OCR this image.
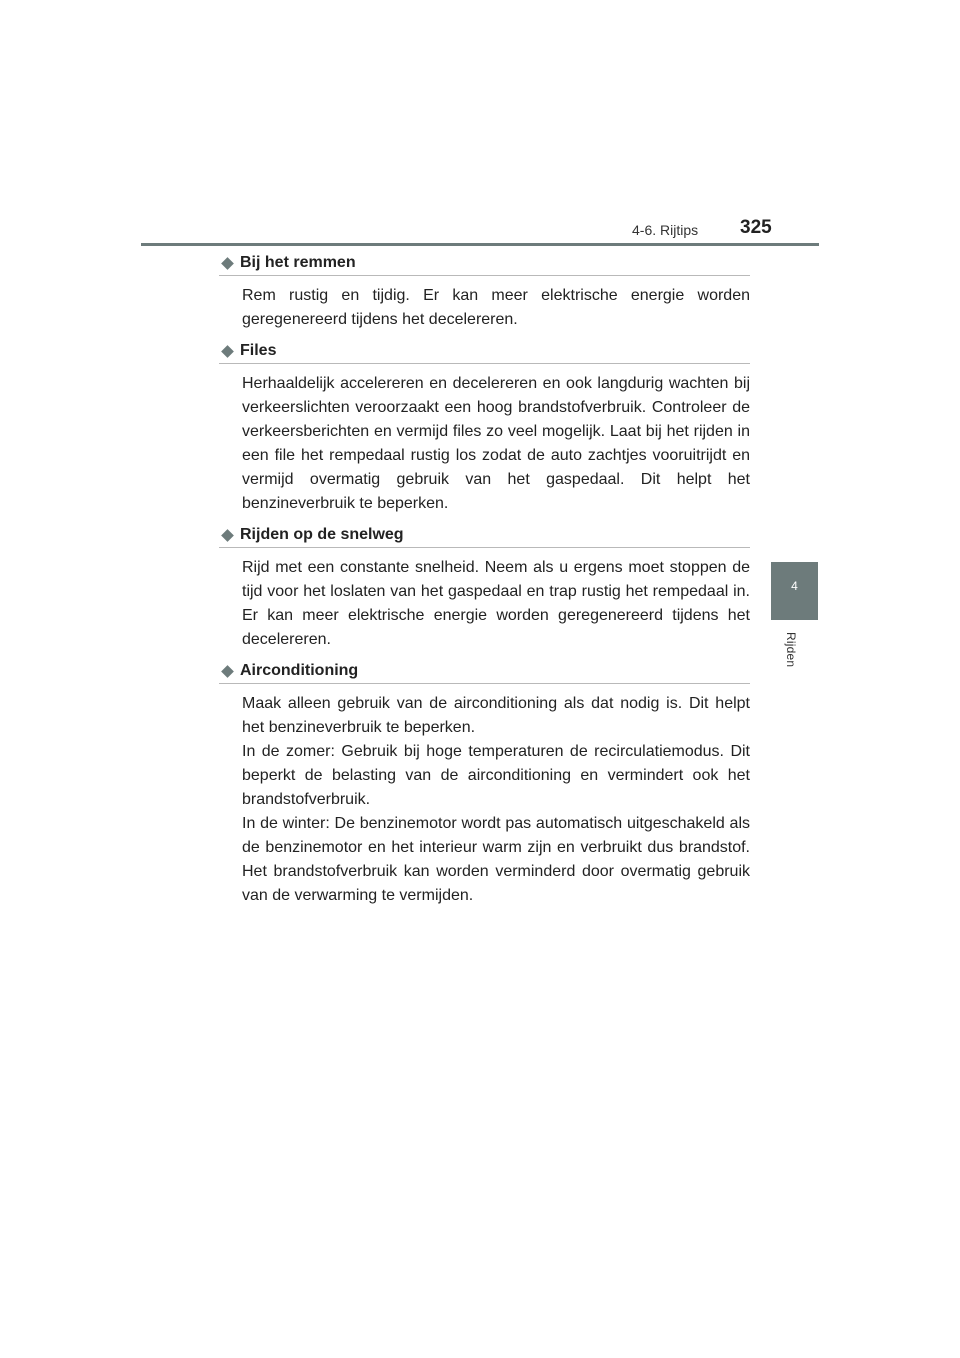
4-6. Rijtips 325
4
Rijden
Bij het remmen

Rem rustig en tijdig. Er kan meer elektrische energie worden geregenereerd tijdens het decelereren.

Files

Herhaaldelijk accelereren en decelereren en ook langdurig wachten bij verkeerslichten veroorzaakt een hoog brandstofverbruik. Controleer de verkeersberichten en vermijd files zo veel mogelijk. Laat bij het rijden in een file het rempedaal rustig los zodat de auto zachtjes vooruitrijdt en vermijd overmatig gebruik van het gaspedaal. Dit helpt het benzineverbruik te beperken.

Rijden op de snelweg

Rijd met een constante snelheid. Neem als u ergens moet stoppen de tijd voor het loslaten van het gaspedaal en trap rustig het rempedaal in. Er kan meer elektrische energie worden geregenereerd tijdens het decelereren.

Airconditioning

Maak alleen gebruik van de airconditioning als dat nodig is. Dit helpt het benzineverbruik te beperken.

In de zomer: Gebruik bij hoge temperaturen de recirculatiemodus. Dit beperkt de belasting van de airconditioning en vermindert ook het brandstofverbruik.

In de winter: De benzinemotor wordt pas automatisch uitgeschakeld als de benzinemotor en het interieur warm zijn en verbruikt dus brandstof. Het brandstofverbruik kan worden verminderd door overmatig gebruik van de verwarming te vermijden.
